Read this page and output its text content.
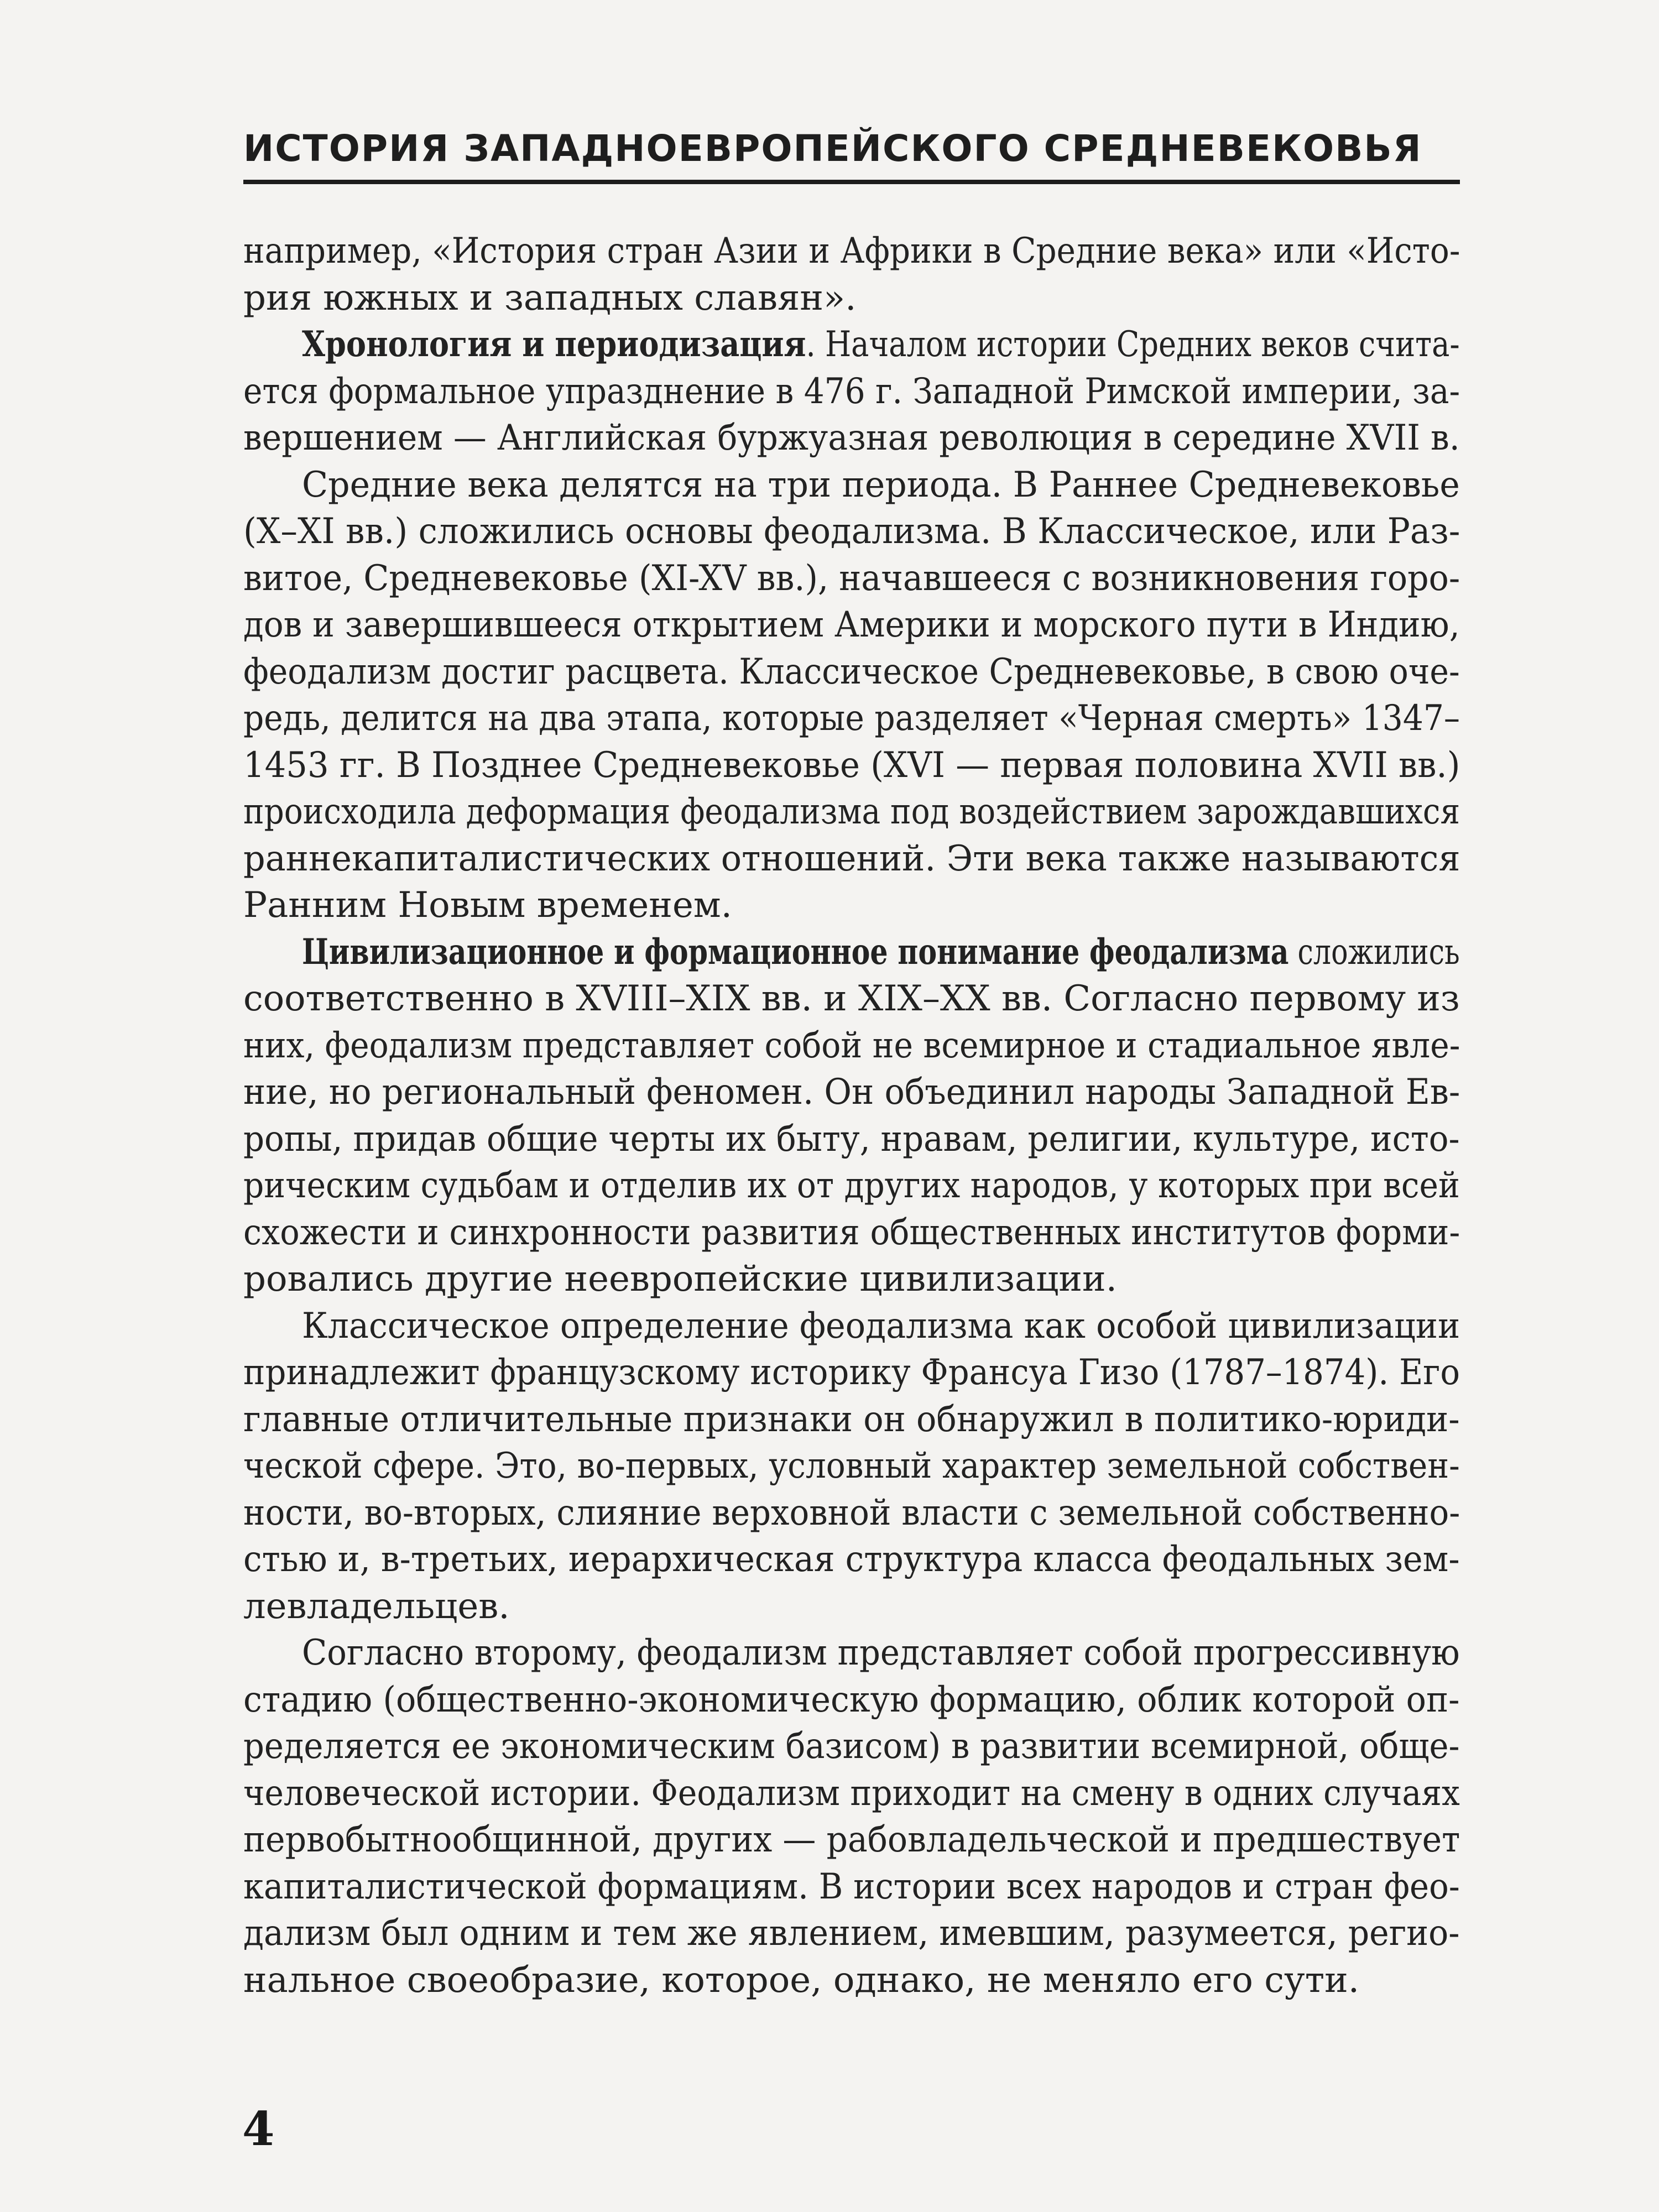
ИСТОРИЯ ЗАПАДНОЕВРОПЕЙСКОГО СРЕДНЕВЕКОВЬЯ
например, «История стран Азии и Африки в Средние века» или «Исто-
рия южных и западных славян».
Хронология и периодизация. Началом истории Средних веков счита-
ется формальное упразднение в 476 г. Западной Римской империи, за-
вершением — Английская буржуазная революция в середине XVII в.
Средние века делятся на три периода. В Раннее Средневековье
(X–XI вв.) сложились основы феодализма. В Классическое, или Раз-
витое, Средневековье (XI-XV вв.), начавшееся с возникновения горо-
дов и завершившееся открытием Америки и морского пути в Индию,
феодализм достиг расцвета. Классическое Средневековье, в свою оче-
редь, делится на два этапа, которые разделяет «Черная смерть» 1347–
1453 гг. В Позднее Средневековье (XVI — первая половина XVII вв.)
происходила деформация феодализма под воздействием зарождавшихся
раннекапиталистических отношений. Эти века также называются
Ранним Новым временем.
Цивилизационное и формационное понимание феодализма сложились
соответственно в XVIII–XIX вв. и XIX–XX вв. Согласно первому из
них, феодализм представляет собой не всемирное и стадиальное явле-
ние, но региональный феномен. Он объединил народы Западной Ев-
ропы, придав общие черты их быту, нравам, религии, культуре, исто-
рическим судьбам и отделив их от других народов, у которых при всей
схожести и синхронности развития общественных институтов форми-
ровались другие неевропейские цивилизации.
Классическое определение феодализма как особой цивилизации
принадлежит французскому историку Франсуа Гизо (1787–1874). Его
главные отличительные признаки он обнаружил в политико-юриди-
ческой сфере. Это, во-первых, условный характер земельной собствен-
ности, во-вторых, слияние верховной власти с земельной собственно-
стью и, в-третьих, иерархическая структура класса феодальных зем-
левладельцев.
Согласно второму, феодализм представляет собой прогрессивную
стадию (общественно-экономическую формацию, облик которой оп-
ределяется ее экономическим базисом) в развитии всемирной, обще-
человеческой истории. Феодализм приходит на смену в одних случаях
первобытнообщинной, других — рабовладельческой и предшествует
капиталистической формациям. В истории всех народов и стран фео-
дализм был одним и тем же явлением, имевшим, разумеется, регио-
нальное своеобразие, которое, однако, не меняло его сути.
4
